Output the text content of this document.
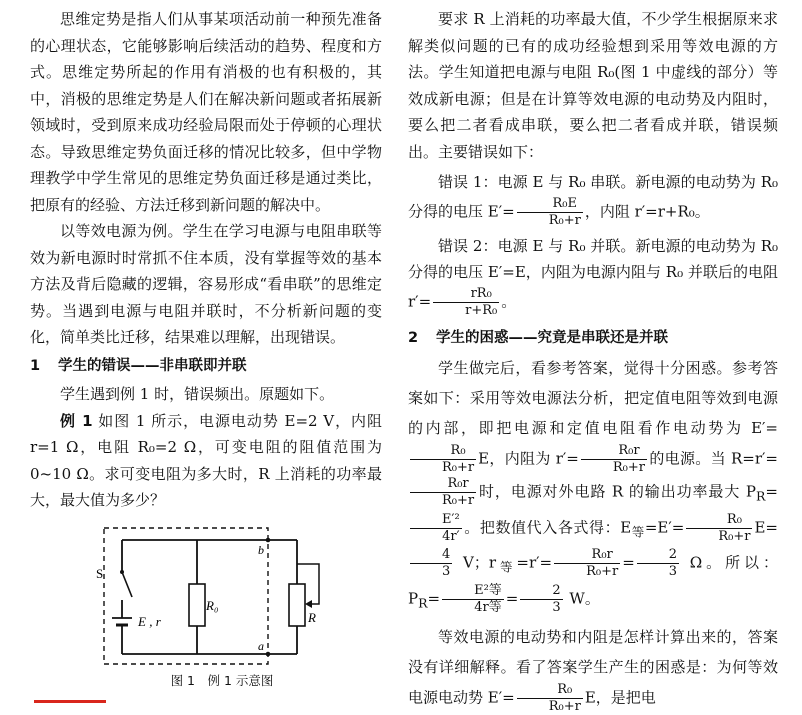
思维定势是指人们从事某项活动前一种预先准备的心理状态，它能够影响后续活动的趋势、程度和方式。思维定势所起的作用有消极的也有积极的，其中，消极的思维定势是人们在解决新问题或者拓展新领域时，受到原来成功经验局限而处于停顿的心理状态。导致思维定势负面迁移的情况比较多，但中学物理教学中学生常见的思维定势负面迁移是通过类比，把原有的经验、方法迁移到新问题的解决中。

以等效电源为例。学生在学习电源与电阻串联等效为新电源时时常抓不住本质，没有掌握等效的基本方法及背后隐藏的逻辑，容易形成“看串联”的思维定势。当遇到电源与电阻并联时，不分析新问题的变化，简单类比迁移，结果难以理解，出现错误。

1 学生的错误——非串联即并联

学生遇到例 1 时，错误频出。原题如下。

例 1 如图 1 所示，电源电动势 E=2 V，内阻 r=1 Ω，电阻 R₀=2 Ω，可变电阻的阻值范围为 0~10 Ω。求可变电阻为多大时，R 上消耗的功率最大，最大值为多少？

S
E , r
R₀
R
b
a
图 1　例 1 示意图

要求 R 上消耗的功率最大值，不少学生根据原来求解类似问题的已有的成功经验想到采用等效电源的方法。学生知道把电源与电阻 R₀(图 1 中虚线的部分）等效成新电源；但是在计算等效电源的电动势及内阻时，要么把二者看成串联，要么把二者看成并联，错误频出。主要错误如下：

错误 1：电源 E 与 R₀ 串联。新电源的电动势为 R₀ 分得的电压 $E'= \frac{\text{R₀E}}{\text{R₀+r}}$ ，内阻 r′=r+R₀。

错误 2：电源 E 与 R₀ 并联。新电源的电动势为 R₀ 分得的电压 E′=E，内阻为电源内阻与 R₀ 并联后的电阻 $r'= \frac{\text{rR₀}}{\text{r+R₀}}$ 。

2 学生的困惑——究竟是串联还是并联

学生做完后，看参考答案，觉得十分困惑。参考答案如下：采用等效电源法分析，把定值电阻等效到电源的内部，即把电源和定值电阻看作电动势为 E′=
$\frac{\text{R₀}}{\text{R₀+r}}$ E，内阻为 $r'= \frac{\text{R₀r}}{\text{R₀+r}}$ 的电源。当 R=r′=
$\frac{\text{R₀r}}{\text{R₀+r}}$ 时，电源对外电路 R 的输出功率最大 $P_R=$
$\frac{\text{E′²}}{4r'}$ 。把数值代入各式得：$E_等=E'= \frac{\text{R₀}}{\text{R₀+r}} E=$
$\frac{4}{3}$ V；$r_等=r'= \frac{\text{R₀r}}{\text{R₀+r}} = \frac{2}{3}$ Ω。所以：$P_R= \frac{\text{E²等}}{\text{4r等}} = \frac{2}{3}$ W。

等效电源的电动势和内阻是怎样计算出来的，答案没有详细解释。看了答案学生产生的困惑是：为何等效电源电动势 $E'= \frac{\text{R₀}}{\text{R₀+r}}$ E，是把电
